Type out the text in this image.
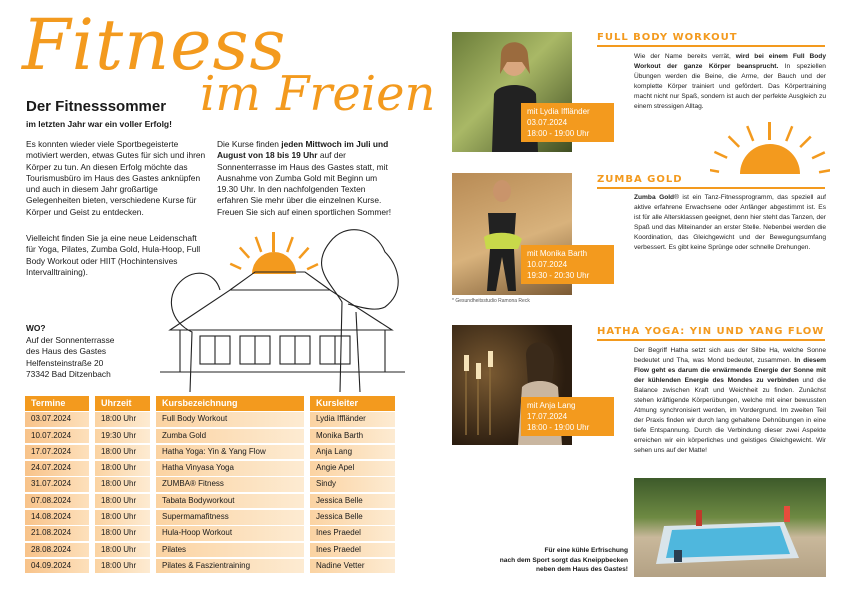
Fitness
im Freien
Der Fitnesssommer
im letzten Jahr war ein voller Erfolg!
Es konnten wieder viele Sportbegeisterte motiviert werden, etwas Gutes für sich und ihren Körper zu tun. An diesen Erfolg möchte das Tourismusbüro im Haus des Gastes anknüpfen und auch in diesem Jahr großartige Gelegenheiten bieten, verschiedene Kurse für Körper und Geist zu entdecken.
Vielleicht finden Sie ja eine neue Leidenschaft für Yoga, Pilates, Zumba Gold, Hula-Hoop, Full Body Workout oder HIIT (Hochintensives Intervalltraining).
Die Kurse finden jeden Mittwoch im Juli und August von 18 bis 19 Uhr auf der Sonnenterrasse im Haus des Gastes statt, mit Ausnahme von Zumba Gold mit Beginn um 19.30 Uhr. In den nachfolgenden Texten erfahren Sie mehr über die einzelnen Kurse. Freuen Sie sich auf einen sportlichen Sommer!
WO?
Auf der Sonnenterrasse
des Haus des Gastes
Helfensteinstraße 20
73342 Bad Ditzenbach
Termine	Uhrzeit	Kursbezeichnung	Kursleiter
03.07.2024	18:00 Uhr	Full Body Workout	Lydia Iffländer
10.07.2024	19:30 Uhr	Zumba Gold	Monika Barth
17.07.2024	18:00 Uhr	Hatha Yoga: Yin & Yang Flow	Anja Lang
24.07.2024	18:00 Uhr	Hatha Vinyasa Yoga	Angie Apel
31.07.2024	18:00 Uhr	ZUMBA® Fitness	Sindy
07.08.2024	18:00 Uhr	Tabata Bodyworkout	Jessica Belle
14.08.2024	18:00 Uhr	Supermamafitness	Jessica Belle
21.08.2024	18:00 Uhr	Hula-Hoop Workout	Ines Praedel
28.08.2024	18:00 Uhr	Pilates	Ines Praedel
04.09.2024	18:00 Uhr	Pilates & Faszientraining	Nadine Vetter
mit Lydia Iffländer
03.07.2024
18:00 - 19:00 Uhr
mit Monika Barth
10.07.2024
19:30 - 20:30 Uhr
* Gesundheitsstudio Ramona Reck
mit Anja Lang
17.07.2024
18:00 - 19:00 Uhr
FULL BODY WORKOUT
Wie der Name bereits verrät, wird bei einem Full Body Workout der ganze Körper beansprucht. In speziellen Übungen werden die Beine, die Arme, der Bauch und der komplette Körper trainiert und gefördert. Das Körpertraining macht nicht nur Spaß, sondern ist auch der perfekte Ausgleich zu einem stressigen Alltag.
ZUMBA GOLD
Zumba Gold® ist ein Tanz-Fitnessprogramm, das speziell auf aktive erfahrene Erwachsene oder Anfänger abgestimmt ist. Es ist für alle Altersklassen geeignet, denn hier steht das Tanzen, der Spaß und das Miteinander an erster Stelle. Nebenbei werden die Koordination, das Gleichgewicht und der Bewegungsumfang verbessert. Es gibt keine Sprünge oder schnelle Drehungen.
HATHA YOGA: YIN UND YANG FLOW
Der Begriff Hatha setzt sich aus der Silbe Ha, welche Sonne bedeutet und Tha, was Mond bedeutet, zusammen. In diesem Flow geht es darum die erwärmende Energie der Sonne mit der kühlenden Energie des Mondes zu verbinden und die Balance zwischen Kraft und Weichheit zu finden. Zunächst stehen kräftigende Körperübungen, welche mit einer bewussten Atmung synchronisiert werden, im Vordergrund. Im zweiten Teil der Praxis finden wir durch lang gehaltene Dehnübungen in eine tiefe Entspannung. Durch die Verbindung dieser zwei Aspekte erreichen wir ein körperliches und geistiges Gleichgewicht. Wir sehen uns auf der Matte!
Für eine kühle Erfrischung
nach dem Sport sorgt das Kneippbecken
neben dem Haus des Gastes!
